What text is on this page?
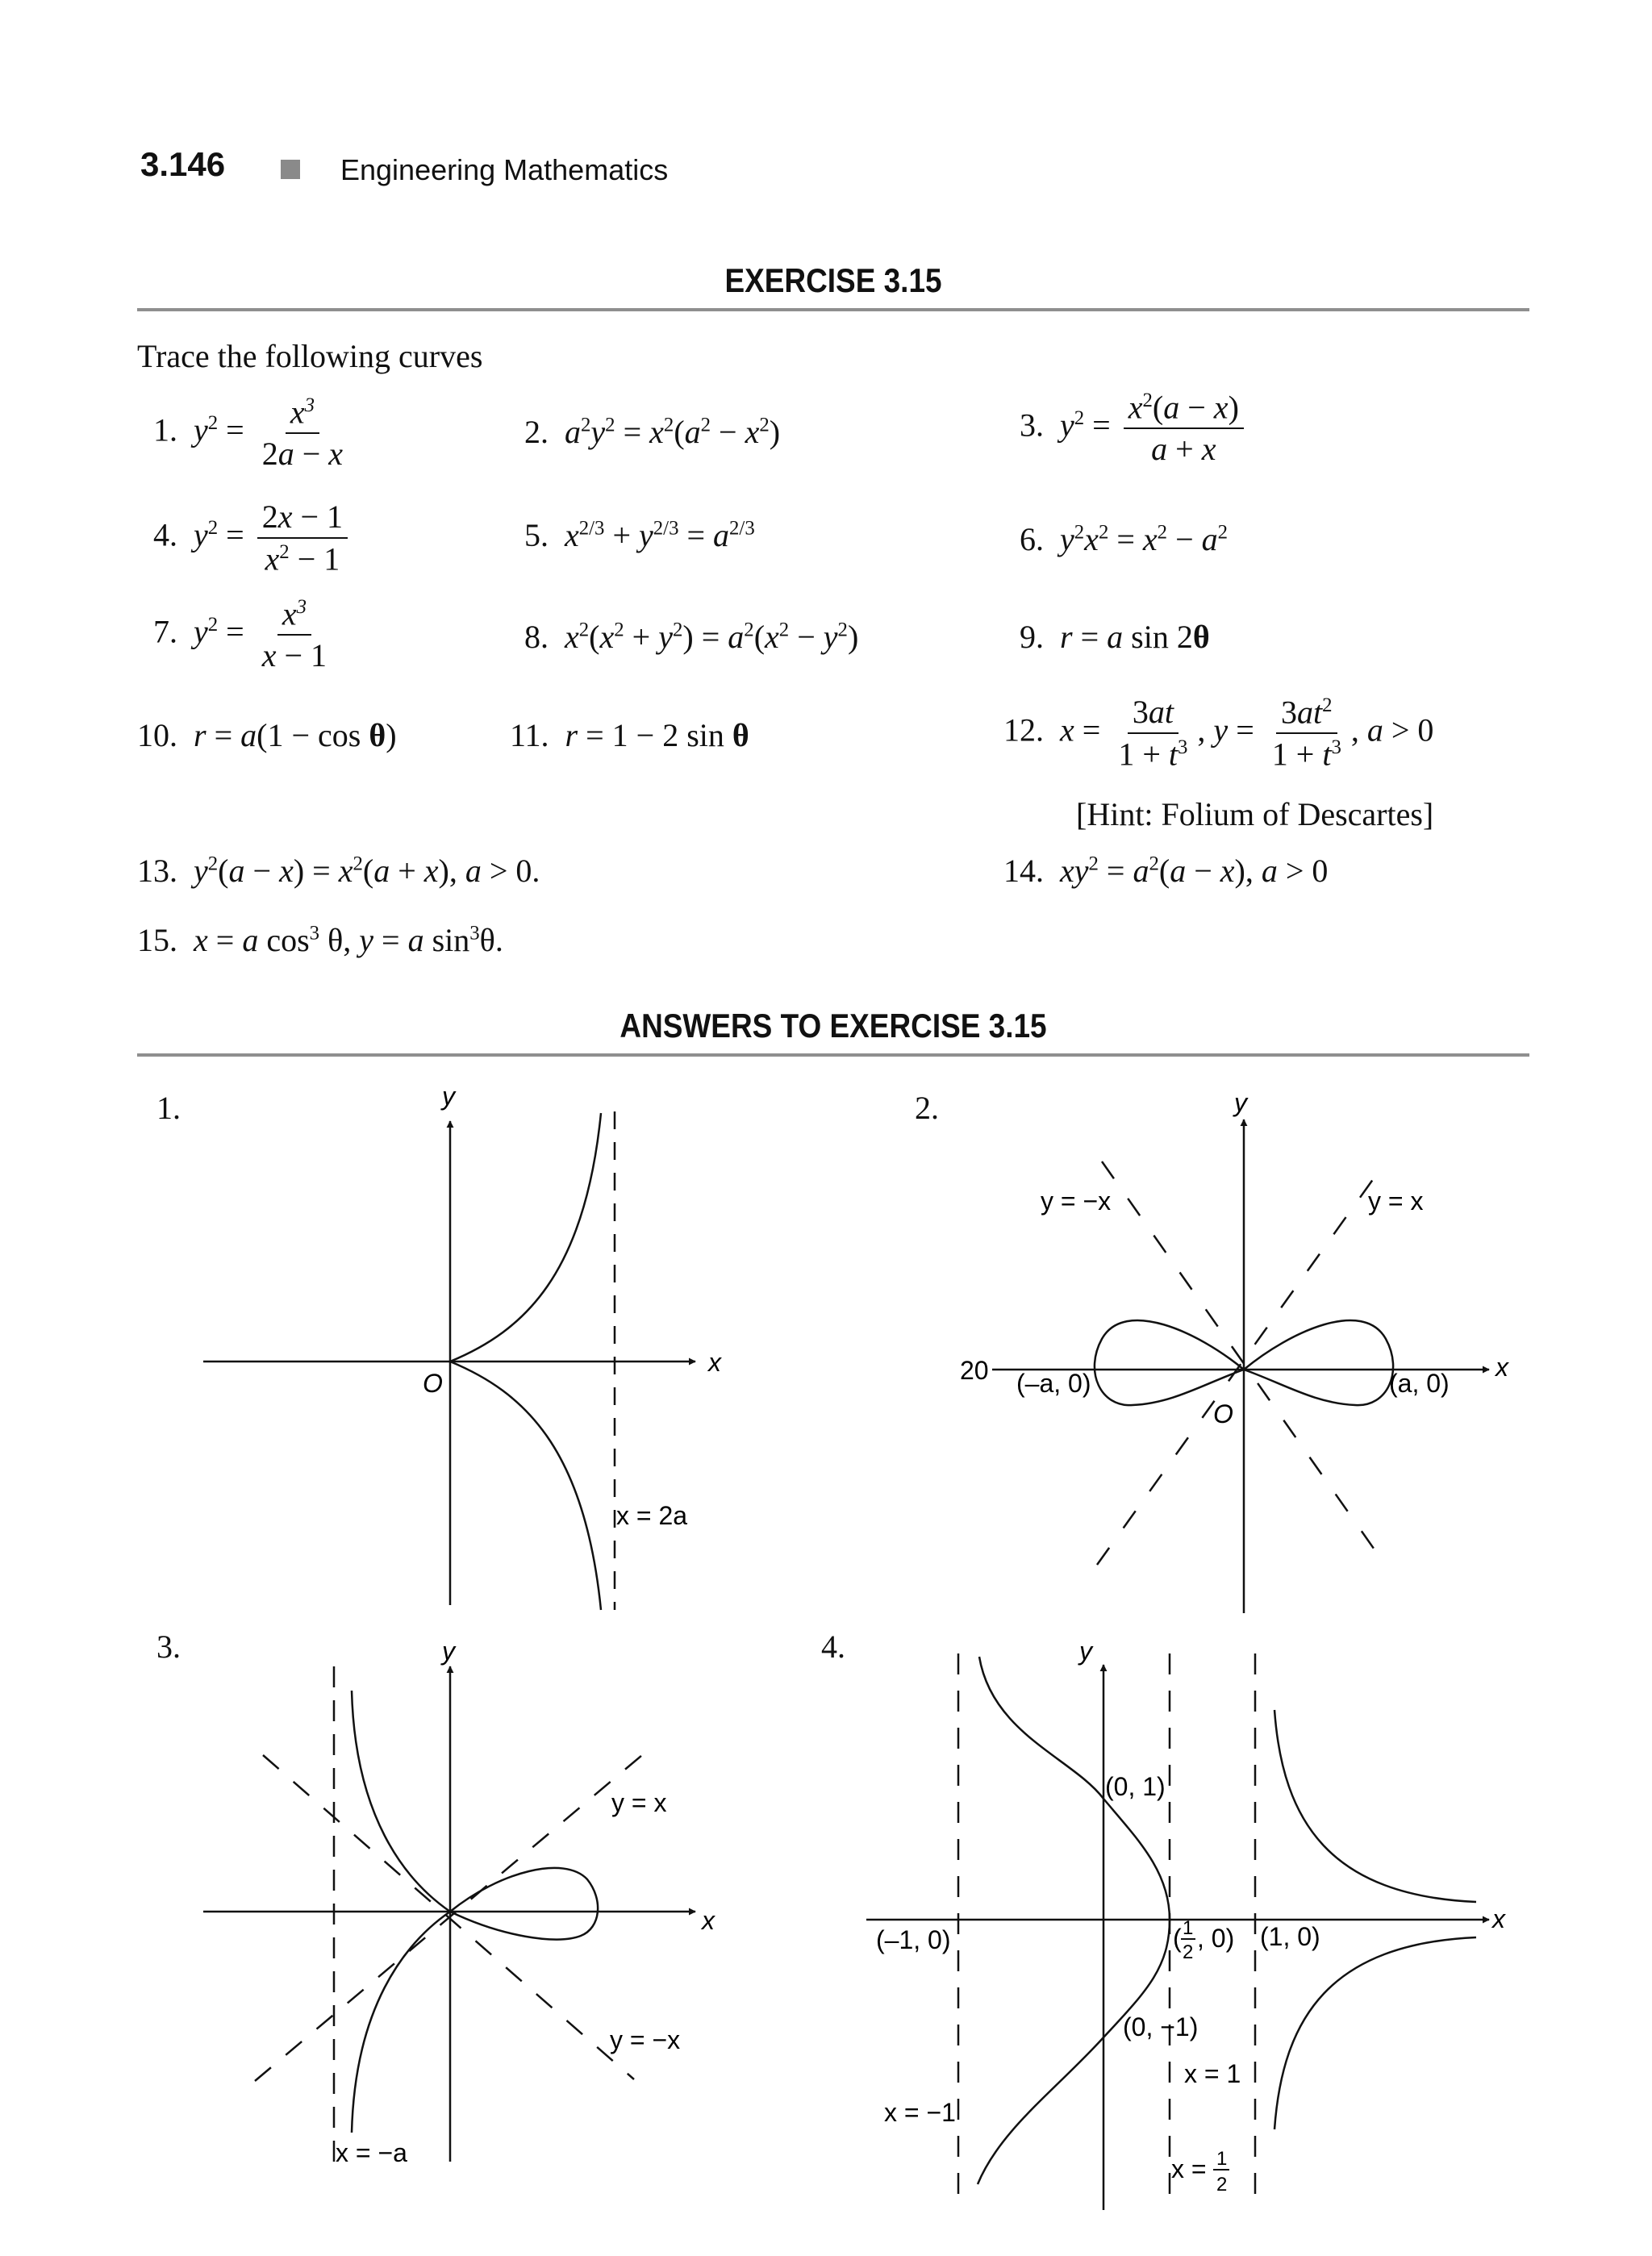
3.146	Engineering Mathematics
EXERCISE 3.15
Trace the following curves
1.  $y^2 = \frac{x^3}{2a - x}$	2.  $a^2y^2 = x^2(a^2 - x^2)$	3.  $y^2 = \frac{x^2(a - x)}{a + x}$
4.  $y^2 = \frac{2x - 1}{x^2 - 1}$	5.  $x^{2/3} + y^{2/3} = a^{2/3}$	6.  $y^2x^2 = x^2 - a^2$
7.  $y^2 = \frac{x^3}{x - 1}$	8.  $x^2(x^2 + y^2) = a^2(x^2 - y^2)$	9.  r = a sin 2θ
10.  r = a(1 − cos θ)	11.  r = 1 − 2 sin θ	12.  $x = \frac{3at}{1 + t^3}$ , $y = \frac{3at^2}{1 + t^3}$ , a > 0
[Hint: Folium of Descartes]
13.  $y^2(a - x) = x^2(a + x)$, a > 0.	14.  $xy^2 = a^2(a - x)$, a > 0
15.  x = a $\cos^3 \theta$, y = a $\sin^3\theta$.
ANSWERS TO EXERCISE 3.15
1.	2.
3.	4.
y
x
O
x = 2a
y
x
O
y = −x	y = x
(–a, 0)	(a, 0)
20
y
x
y = x
y = −x
x = −a
y
x
(0, 1)
(0, −1)
(–1, 0)	(1, 0)
( 1
2 , 0)
x = −1
x = 1
x = 1
2
